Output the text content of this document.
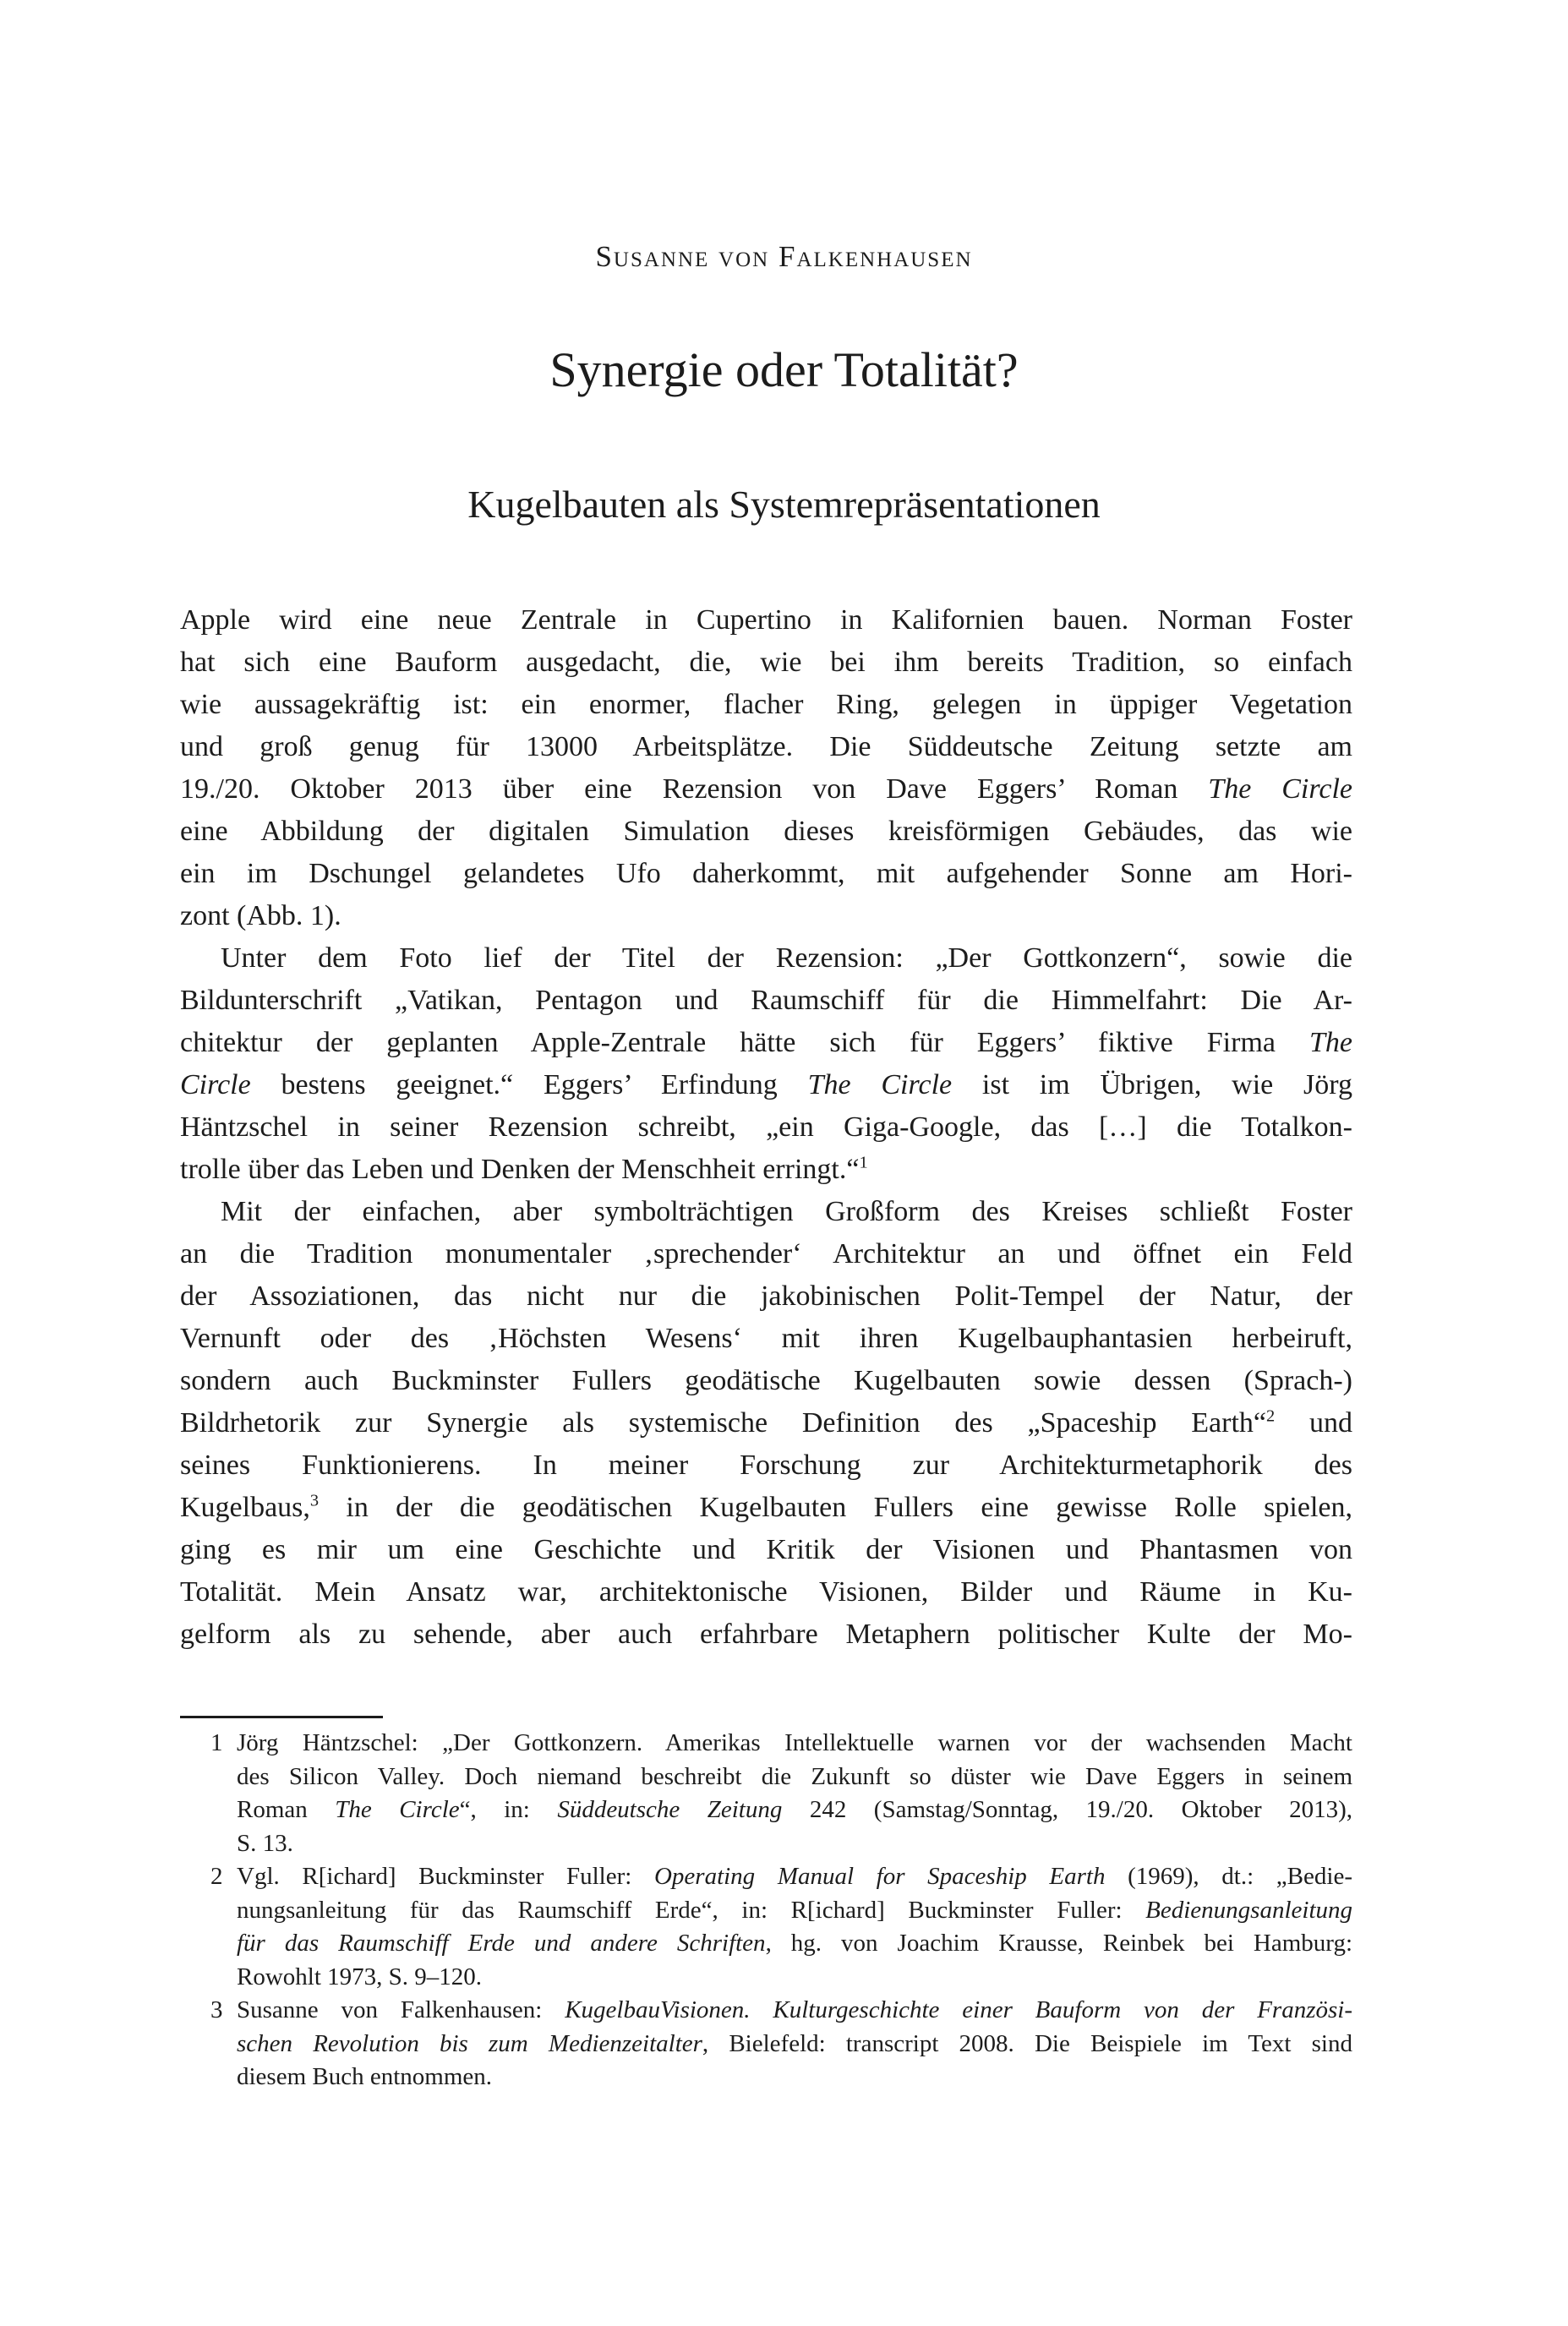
Susanne von Falkenhausen
Synergie oder Totalität?
Kugelbauten als Systemrepräsentationen
Apple wird eine neue Zentrale in Cupertino in Kalifornien bauen. Norman Foster
hat sich eine Bauform ausgedacht, die, wie bei ihm bereits Tradition, so einfach
wie aussagekräftig ist: ein enormer, flacher Ring, gelegen in üppiger Vegetation
und groß genug für 13000 Arbeitsplätze. Die Süddeutsche Zeitung setzte am
19./20. Oktober 2013 über eine Rezension von Dave Eggers’ Roman The Circle
eine Abbildung der digitalen Simulation dieses kreisförmigen Gebäudes, das wie
ein im Dschungel gelandetes Ufo daherkommt, mit aufgehender Sonne am Hori-
zont (Abb. 1).
Unter dem Foto lief der Titel der Rezension: „Der Gottkonzern“, sowie die
Bildunterschrift „Vatikan, Pentagon und Raumschiff für die Himmelfahrt: Die Ar-
chitektur der geplanten Apple-Zentrale hätte sich für Eggers’ fiktive Firma The
Circle bestens geeignet.“ Eggers’ Erfindung The Circle ist im Übrigen, wie Jörg
Häntzschel in seiner Rezension schreibt, „ein Giga-Google, das […] die Totalkon-
trolle über das Leben und Denken der Menschheit erringt.“$^1$
Mit der einfachen, aber symbolträchtigen Großform des Kreises schließt Foster
an die Tradition monumentaler ‚sprechender‘ Architektur an und öffnet ein Feld
der Assoziationen, das nicht nur die jakobinischen Polit-Tempel der Natur, der
Vernunft oder des ‚Höchsten Wesens‘ mit ihren Kugelbauphantasien herbeiruft,
sondern auch Buckminster Fullers geodätische Kugelbauten sowie dessen (Sprach-)
Bildrhetorik zur Synergie als systemische Definition des „Spaceship Earth“$^2$ und
seines Funktionierens. In meiner Forschung zur Architekturmetaphorik des
Kugelbaus,$^3$ in der die geodätischen Kugelbauten Fullers eine gewisse Rolle spielen,
ging es mir um eine Geschichte und Kritik der Visionen und Phantasmen von
Totalität. Mein Ansatz war, architektonische Visionen, Bilder und Räume in Ku-
gelform als zu sehende, aber auch erfahrbare Metaphern politischer Kulte der Mo-
1 Jörg Häntzschel: „Der Gottkonzern. Amerikas Intellektuelle warnen vor der wachsenden Macht
des Silicon Valley. Doch niemand beschreibt die Zukunft so düster wie Dave Eggers in seinem
Roman The Circle“, in: Süddeutsche Zeitung 242 (Samstag/Sonntag, 19./20. Oktober 2013),
S. 13.
2 Vgl. R[ichard] Buckminster Fuller: Operating Manual for Spaceship Earth (1969), dt.: „Bedie-
nungsanleitung für das Raumschiff Erde“, in: R[ichard] Buckminster Fuller: Bedienungsanleitung
für das Raumschiff Erde und andere Schriften, hg. von Joachim Krausse, Reinbek bei Hamburg:
Rowohlt 1973, S. 9–120.
3 Susanne von Falkenhausen: KugelbauVisionen. Kulturgeschichte einer Bauform von der Französi-
schen Revolution bis zum Medienzeitalter, Bielefeld: transcript 2008. Die Beispiele im Text sind
diesem Buch entnommen.
